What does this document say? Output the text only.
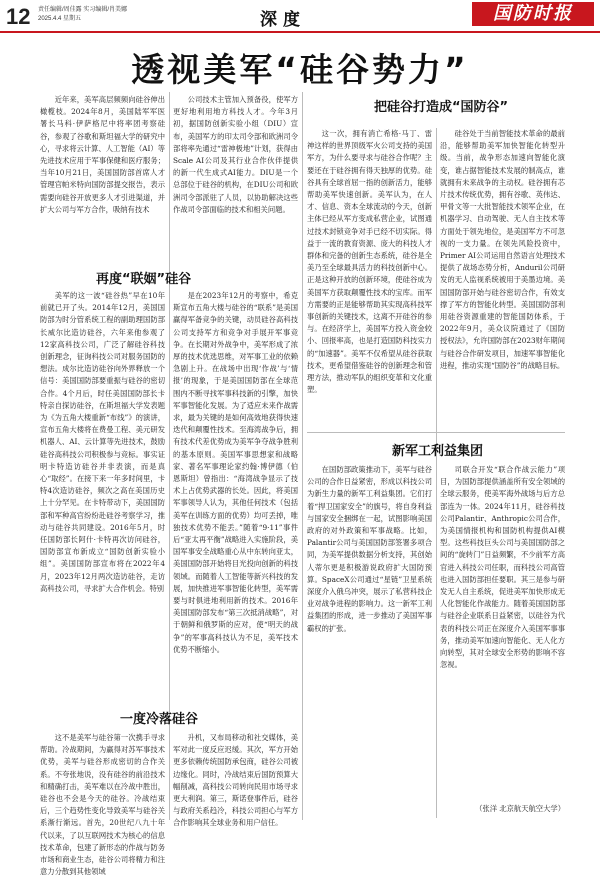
12 责任编辑/周佳露 实习编辑/肖美娜
2025.4.4 星期五	深度	国防时报
透视美军“硅谷势力”

近年来，美军高层频频向硅谷伸出橄榄枝。2024年8月，美国陆军军医署长马科·伊萨格尼中将率团考察硅谷，参观了谷歌和斯坦福大学的研究中心，寻求将云计算、人工智能（AI）等先进技术应用于军事保健和医疗服务；当年10月21日，美国国防部首席人才管理官帕米特向国防部提交报告，表示需要向硅谷开放更多人才引进渠道，并扩大公司与军方合作，吸纳有技术

公司技术主管加入预备役，使军方更好地利用地方科技人才。今年3月初，据国防创新实验小组（DIU）宣布，美国军方的印太司令部和欧洲司令部将率先通过“雷神极地”计划，获得由Scale AI公司及其行业合作伙伴提供的新一代生成式AI能力。DIU是一个总部位于硅谷的机构，在DIU公司和欧洲司令部派驻了人员，以协助解决这些作战司令部面临的技术和相关问题。

再度“联姻”硅谷

美军的这一波“硅谷热”早在10年前就已开了头。2014年12月，美国国防部为时分管系统工程的副助理国防部长威尔比造访硅谷，六年来他参观了12家高科技公司，广泛了解硅谷科技创新理念，征询科技公司对服务国防的想法。成尔比造访硅谷向外界释放一个信号：美国国防部要重振与硅谷的密切合作。4个月后，时任美国国防部长卡特亲自探访硅谷，在斯坦福大学发表题为《为五角大楼重新“布线”》的演讲，宣布五角大楼将在费曼工程、美元研发机器人、AI、云计算等先进技术，鼓励硅谷高科技公司积极参与竞标。事实证明卡特造访硅谷并非表演，而是真心“取经”。在接下来一年多时间里，卡特4次造访硅谷，频次之高在美国历史上十分罕见。在卡特带动下，美国国防部和军种高官纷纷赴硅谷考察学习，推动与硅谷共同建设。2016年5月，时任国防部长阿什·卡特再次访问硅谷，国防部宣布新成立“国防创新实验小组”。美国国防部宣布将在2022年4月，2023年12月两次造访硅谷，走访高科技公司，寻求扩大合作机会。特别

是在2023年12月的考察中，希克斯宣布五角大楼与硅谷的“联系”是美国赢得军备竞争的关键，动员硅谷高科技公司支持军方和竞争对手展开军事竞争。在长期对外战争中，美军形成了浓厚的技术优选思维，对军事工业的依赖急剧上升。在战场中出现‘作战’与‘情报’的现象，于是美国国防部在全球范围内不断寻找军事科技新的引擎，加快军事智能化发展。为了适应未来作战需求，最为关键的是如何高效地获得快速迭代和颠覆性技术。至海湾战争后，拥有技术代差优势成为美军争夺战争胜利的基本原则。美国军事思想家和战略家、著名军事理论家约翰·博伊德（伯恩斯坦）曾指出：“海湾战争显示了技术上占优势武器的长处。因此，将美国军事领导人认为，其他任何技术（包括美军在训练方面的优势）均可丢掉，唯独技术优势不能丢。”随着“9·11”事件后“亚太再平衡”战略进入实施阶段，美国军事安全战略重心从中东转向亚太，美国国防部开始将目光投向创新的科技领域。而随着人工智能等新兴科技的发展，加快推进军事智能化转型，美军需要与时俱进地利用新的技术。2016年美国国防部发布“第三次抵消战略”，对于朝鲜和俄罗斯的应对，使“明天的战争”的军事高科技认为不足，美军技术优势不断缩小。

一度冷落硅谷

这不是美军与硅谷第一次携手寻求帮助。冷战期间，为赢得对苏军事技术优势，美军与硅谷形成密切的合作关系。不夸张地说，没有硅谷的前沿技术和精确打击，美军难以在冷战中胜出，硅谷也不会是今天的硅谷。冷战结束后，三个趋势性变化导致美军与硅谷关系渐行渐远。首先，20世纪八九十年代以来，了以互联网技术为核心的信息技术革命，包建了新形态的作战与防务市场和商业生态，硅谷公司将精力和注意力分散到其他领域

升机，又布局移动和社交媒体，美军对此一度反应迟缓。其次，军方开始更多依赖传统国防承包商，硅谷公司被边缘化。同时，冷战结束后国防预算大幅削减，高科技公司转向民用市场寻求更大利润。第三，斯诺登事件后，硅谷与政府关系趋冷，科技公司担心与军方合作影响其全球业务和用户信任。

把硅谷打造成“国防谷”

这一次，拥有消亡希格·马丁、雷神这样的世界顶级军火公司支持的美国军方，为什么要寻求与硅谷合作呢？主要还在于硅谷拥有得天独厚的优势。硅谷具有全球首屈一指的创新活力，能够帮助美军快速创新。美军认为，在人才、信息、资本全球流动的今天，创新主体已经从军方变成私营企业，试图通过技术封锁竞争对手已经不切实际。得益于一流的教育资源、庞大的科技人才群体和完备的创新生态系统，硅谷是全美乃至全球最具活力的科技创新中心。正是这种开放的创新环境，使硅谷成为美国军方获取颠覆性技术的宝库。而军方需要的正是能够帮助其实现高科技军事创新的关键技术，这离不开硅谷的参与。在经济学上，美国军方投入资金较小、回报率高，也是打造国防科技实力的“加速器”。美军不仅希望从硅谷获取技术，更希望借鉴硅谷的创新理念和管理方法，推动军队的组织变革和文化重塑。

硅谷处于当前智能技术革命的最前沿，能够帮助美军加快智能化转型升级。当前，战争形态加速向智能化演变，谁占据智能技术发展的制高点，谁就拥有未来战争的主动权。硅谷拥有芯片技术传统优势，拥有谷歌、英伟达、甲骨文等一大批智能技术领军企业，在机器学习、自动驾驶、无人自主技术等方面处于领先地位，是美国军方不可忽视的一支力量。在领先风险投资中，Primer AI公司运用自然语言处理技术提供了战场态势分析，Anduril公司研发的无人监视系统被用于美墨边境。美国国防部开始与硅谷密切合作，有效支撑了军方的智能化转型。美国国防部利用硅谷资源重建的智能国防体系，于2022年9月，美众议院通过了《国防授权法》，允许国防部在2023财年期间与硅谷合作研发项目，加速军事智能化进程，推动实现“国防谷”的战略目标。

新军工利益集团

在国防部政策推动下，美军与硅谷公司的合作日益紧密，形成以科技公司为新生力量的新军工利益集团。它们打着“捍卫国家安全”的旗号，将自身利益与国家安全捆绑在一起，试图影响美国政府的对外政策和军事战略。比如，Palantir公司与美国国防部签署多项合同，为美军提供数据分析支持，其创始人蒂尔更是积极游说政府扩大国防预算。SpaceX公司通过“星链”卫星系统深度介入俄乌冲突，展示了私营科技企业对战争进程的影响力。这一新军工利益集团的形成，进一步推动了美国军事霸权的扩张。

司联合开发“联合作战云能力”项目，为国防部提供涵盖所有安全领域的全球云服务，使美军海外战场与后方总部连为一体。2024年11月，硅谷科技公司Palantir、Anthropic公司合作，为美国情报机构和国防机构提供AI模型。这些科技巨头公司与美国国防部之间的“旋转门”日益频繁，不少前军方高官进入科技公司任职，而科技公司高管也进入国防部担任要职。其三是参与研发无人自主系统，促进美军加快形成无人化智能化作战能力。随着美国国防部与硅谷企业联系日益紧密，以硅谷为代表的科技公司正在深度介入美国军事事务，推动美军加速向智能化、无人化方向转型，其对全球安全形势的影响不容忽视。

（张洋 北京航天航空大学）
